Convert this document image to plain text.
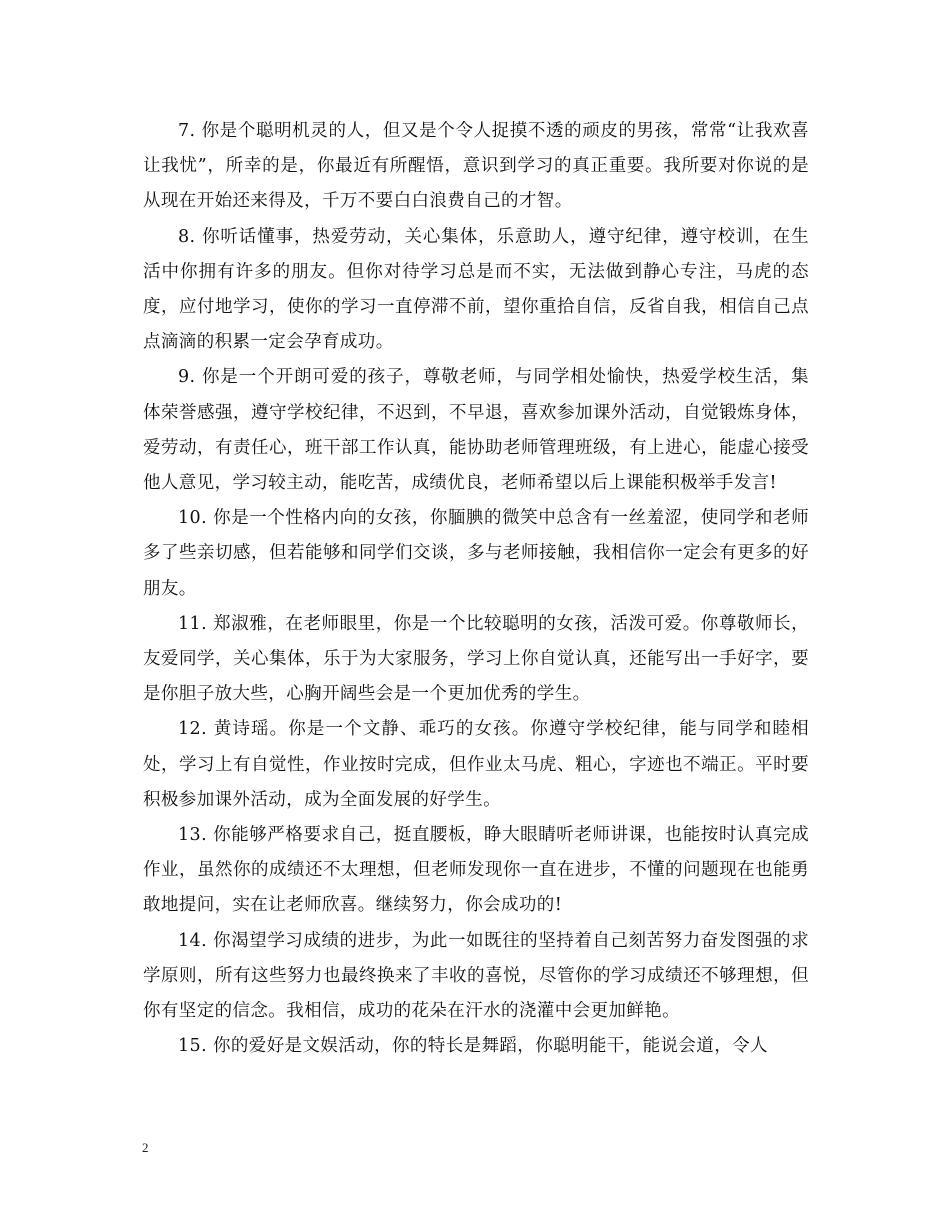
7. 你是个聪明机灵的人，但又是个令人捉摸不透的顽皮的男孩，常常“让我欢喜让我忧”，所幸的是，你最近有所醒悟，意识到学习的真正重要。我所要对你说的是从现在开始还来得及，千万不要白白浪费自己的才智。

8. 你听话懂事，热爱劳动，关心集体，乐意助人，遵守纪律，遵守校训，在生活中你拥有许多的朋友。但你对待学习总是而不实，无法做到静心专注，马虎的态度，应付地学习，使你的学习一直停滞不前，望你重拾自信，反省自我，相信自己点点滴滴的积累一定会孕育成功。

9. 你是一个开朗可爱的孩子，尊敬老师，与同学相处愉快，热爱学校生活，集体荣誉感强，遵守学校纪律，不迟到，不早退，喜欢参加课外活动，自觉锻炼身体，爱劳动，有责任心，班干部工作认真，能协助老师管理班级，有上进心，能虚心接受他人意见，学习较主动，能吃苦，成绩优良，老师希望以后上课能积极举手发言!

10. 你是一个性格内向的女孩，你腼腆的微笑中总含有一丝羞涩，使同学和老师多了些亲切感，但若能够和同学们交谈，多与老师接触，我相信你一定会有更多的好朋友。

11. 郑淑雅，在老师眼里，你是一个比较聪明的女孩，活泼可爱。你尊敬师长，友爱同学，关心集体，乐于为大家服务，学习上你自觉认真，还能写出一手好字，要是你胆子放大些，心胸开阔些会是一个更加优秀的学生。

12. 黄诗瑶。你是一个文静、乖巧的女孩。你遵守学校纪律，能与同学和睦相处，学习上有自觉性，作业按时完成，但作业太马虎、粗心，字迹也不端正。平时要积极参加课外活动，成为全面发展的好学生。

13. 你能够严格要求自己，挺直腰板，睁大眼睛听老师讲课，也能按时认真完成作业，虽然你的成绩还不太理想，但老师发现你一直在进步，不懂的问题现在也能勇敢地提问，实在让老师欣喜。继续努力，你会成功的!

14. 你渴望学习成绩的进步，为此一如既往的坚持着自己刻苦努力奋发图强的求学原则，所有这些努力也最终换来了丰收的喜悦，尽管你的学习成绩还不够理想，但你有坚定的信念。我相信，成功的花朵在汗水的浇灌中会更加鲜艳。

15. 你的爱好是文娱活动，你的特长是舞蹈，你聪明能干，能说会道，令人

2
